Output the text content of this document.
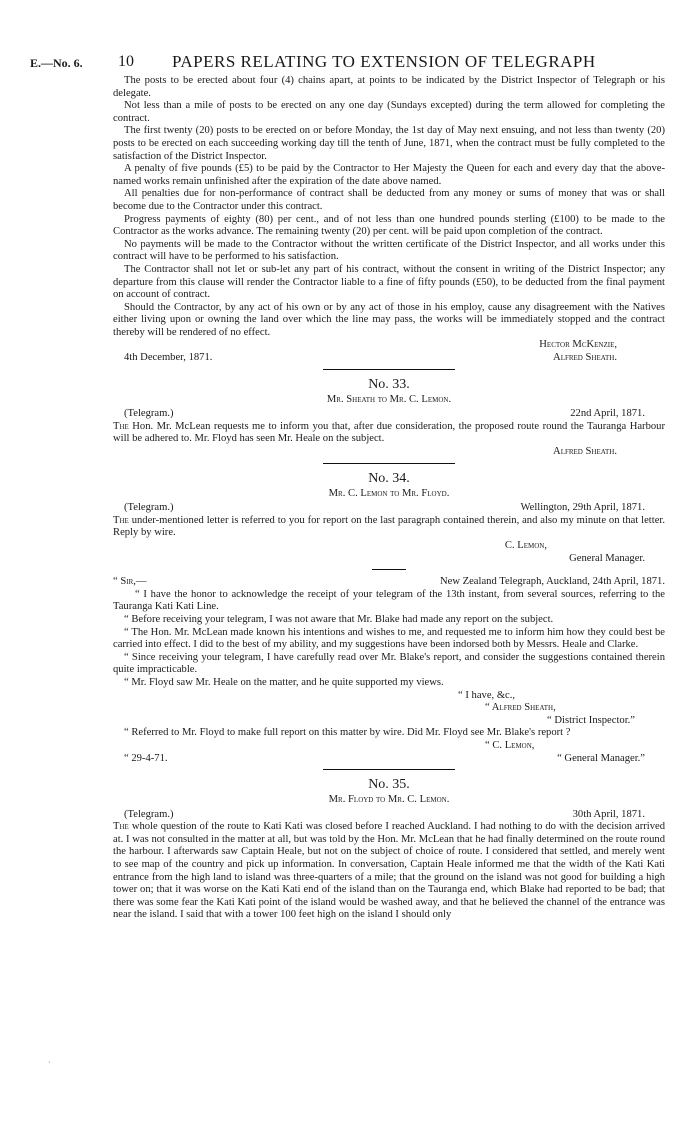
E.—No. 6. 10 PAPERS RELATING TO EXTENSION OF TELEGRAPH

The posts to be erected about four (4) chains apart, at points to be indicated by the District Inspector of Telegraph or his delegate.

Not less than a mile of posts to be erected on any one day (Sundays excepted) during the term allowed for completing the contract.

The first twenty (20) posts to be erected on or before Monday, the 1st day of May next ensuing, and not less than twenty (20) posts to be erected on each succeeding working day till the tenth of June, 1871, when the contract must be fully completed to the satisfaction of the District Inspector.

A penalty of five pounds (£5) to be paid by the Contractor to Her Majesty the Queen for each and every day that the above-named works remain unfinished after the expiration of the date above named.

All penalties due for non-performance of contract shall be deducted from any money or sums of money that was or shall become due to the Contractor under this contract.

Progress payments of eighty (80) per cent., and of not less than one hundred pounds sterling (£100) to be made to the Contractor as the works advance. The remaining twenty (20) per cent. will be paid upon completion of the contract.

No payments will be made to the Contractor without the written certificate of the District Inspector, and all works under this contract will have to be performed to his satisfaction.

The Contractor shall not let or sub-let any part of his contract, without the consent in writing of the District Inspector; any departure from this clause will render the Contractor liable to a fine of fifty pounds (£50), to be deducted from the final payment on account of contract.

Should the Contractor, by any act of his own or by any act of those in his employ, cause any disagreement with the Natives either living upon or owning the land over which the line may pass, the works will be immediately stopped and the contract thereby will be rendered of no effect.

Hector McKenzie,
4th December, 1871.	Alfred Sheath.
No. 33.
Mr. Sheath to Mr. C. Lemon.
(Telegram.)	22nd April, 1871.

The Hon. Mr. McLean requests me to inform you that, after due consideration, the proposed route round the Tauranga Harbour will be adhered to. Mr. Floyd has seen Mr. Heale on the subject.

Alfred Sheath.
No. 34.
Mr. C. Lemon to Mr. Floyd.
(Telegram.)	Wellington, 29th April, 1871.

The under-mentioned letter is referred to you for report on the last paragraph contained therein, and also my minute on that letter. Reply by wire.

C. Lemon,
General Manager.
“ Sir,—	New Zealand Telegraph, Auckland, 24th April, 1871.

“ I have the honor to acknowledge the receipt of your telegram of the 13th instant, from several sources, referring to the Tauranga Kati Kati Line.

“ Before receiving your telegram, I was not aware that Mr. Blake had made any report on the subject.

“ The Hon. Mr. McLean made known his intentions and wishes to me, and requested me to inform him how they could best be carried into effect. I did to the best of my ability, and my suggestions have been indorsed both by Messrs. Heale and Clarke.

“ Since receiving your telegram, I have carefully read over Mr. Blake's report, and consider the suggestions contained therein quite impracticable.

“ Mr. Floyd saw Mr. Heale on the matter, and he quite supported my views.

“ I have, &c.,
“ Alfred Sheath,
“ District Inspector.”

“ Referred to Mr. Floyd to make full report on this matter by wire. Did Mr. Floyd see Mr. Blake's report ?

“ C. Lemon,
“ 29-4-71.	“ General Manager.”
No. 35.
Mr. Floyd to Mr. C. Lemon.
(Telegram.)	30th April, 1871.

The whole question of the route to Kati Kati was closed before I reached Auckland. I had nothing to do with the decision arrived at. I was not consulted in the matter at all, but was told by the Hon. Mr. McLean that he had finally determined on the route round the harbour. I afterwards saw Captain Heale, but not on the subject of choice of route. I considered that settled, and merely went to see map of the country and pick up information. In conversation, Captain Heale informed me that the width of the Kati Kati entrance from the high land to island was three-quarters of a mile; that the ground on the island was not good for building a high tower on; that it was worse on the Kati Kati end of the island than on the Tauranga end, which Blake had reported to be bad; that there was some fear the Kati Kati point of the island would be washed away, and that he believed the channel of the entrance was near the island. I said that with a tower 100 feet high on the island I should only

·
